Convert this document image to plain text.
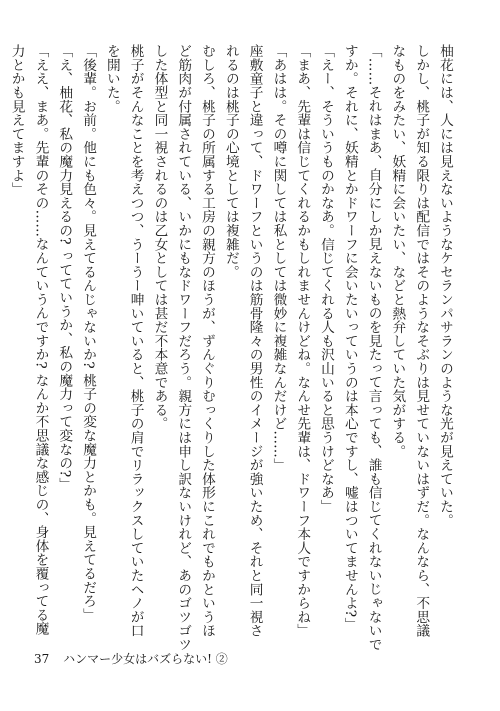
柚花には、人には見えないようなケセランパサランのような光が見えていた。

しかし、桃子が知る限りは配信ではそのようなそぶりは見せていないはずだ。なんなら、不思議

なものをみたい、妖精に会いたい、などと熱弁していた気がする。

「……それはまあ、自分にしか見えないものを見たって言っても、誰も信じてくれないじゃないで

すか。それに、妖精とかドワーフに会いたいっていうのは本心ですし、嘘はついてませんよ?」

「えー、そういうものかなあ。信じてくれる人も沢山いると思うけどなあ」

「まあ、先輩は信じてくれるかもしれませんけどね。なんせ先輩は、ドワーフ本人ですからね」

「あはは。その噂に関しては私としては微妙に複雑なんだけど……」

座敷童子と違って、ドワーフというのは筋骨隆々の男性のイメージが強いため、それと同一視さ

れるのは桃子の心境としては複雑だ。

むしろ、桃子の所属する工房の親方のほうが、ずんぐりむっくりした体形にこれでもかというほ

ど筋肉が付属されている、いかにもなドワーフだろう。親方には申し訳ないけれど、あのゴツゴツ

した体型と同一視されるのは乙女としては甚だ不本意である。

桃子がそんなことを考えつつ、うーうー呻いていると、桃子の肩でリラックスしていたヘノが口

を開いた。

「後輩。お前。他にも色々。見えてるんじゃないか? 桃子の変な魔力とかも。見えてるだろ」

「え、柚花、私の魔力見えるの? ってていうか、私の魔力って変なの?」

「ええ、まあ。先輩のその……なんていうんですか? なんか不思議な感じの、身体を覆ってる魔

力とかも見えてますよ」

37 ハンマー少女はバズらない! ②
